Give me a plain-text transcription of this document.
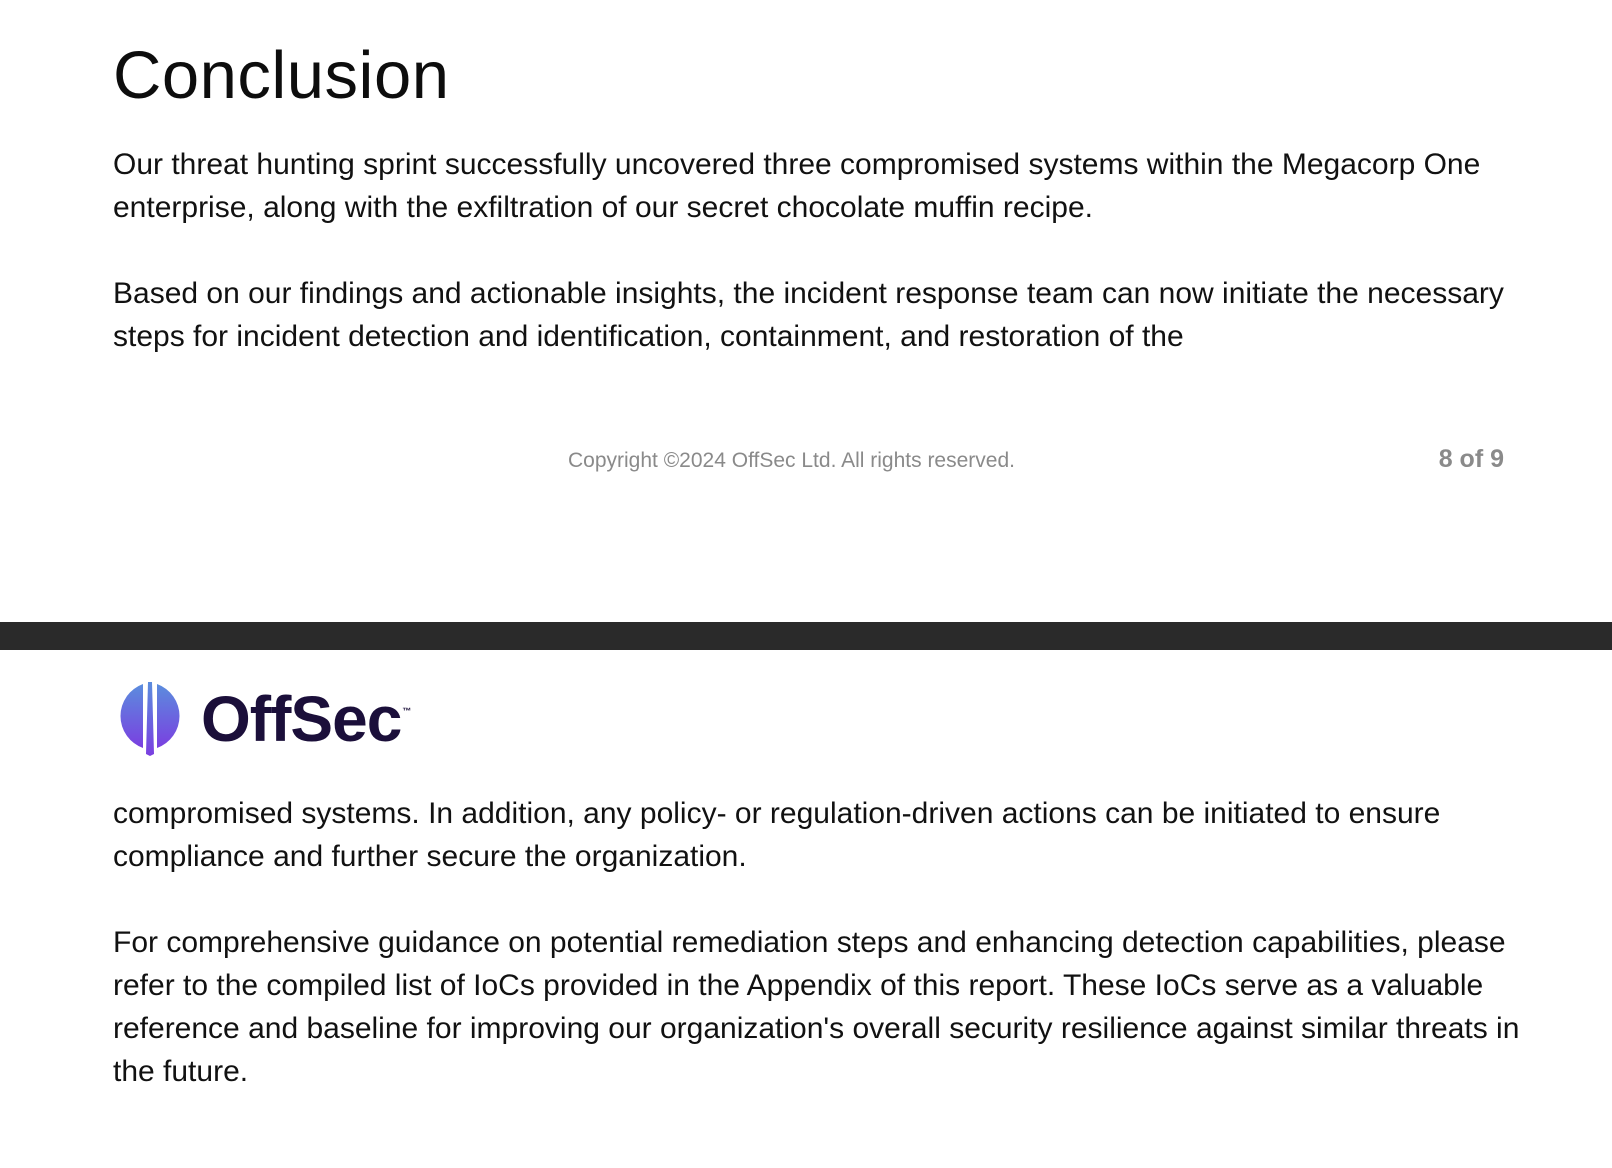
Conclusion

Our threat hunting sprint successfully uncovered three compromised systems within the Megacorp One enterprise, along with the exfiltration of our secret chocolate muffin recipe.

Based on our findings and actionable insights, the incident response team can now initiate the necessary steps for incident detection and identification, containment, and restoration of the

Copyright ©2024 OffSec Ltd. All rights reserved.	8 of 9
OffSec ™

compromised systems. In addition, any policy- or regulation-driven actions can be initiated to ensure compliance and further secure the organization.

For comprehensive guidance on potential remediation steps and enhancing detection capabilities, please refer to the compiled list of IoCs provided in the Appendix of this report. These IoCs serve as a valuable reference and baseline for improving our organization's overall security resilience against similar threats in the future.
